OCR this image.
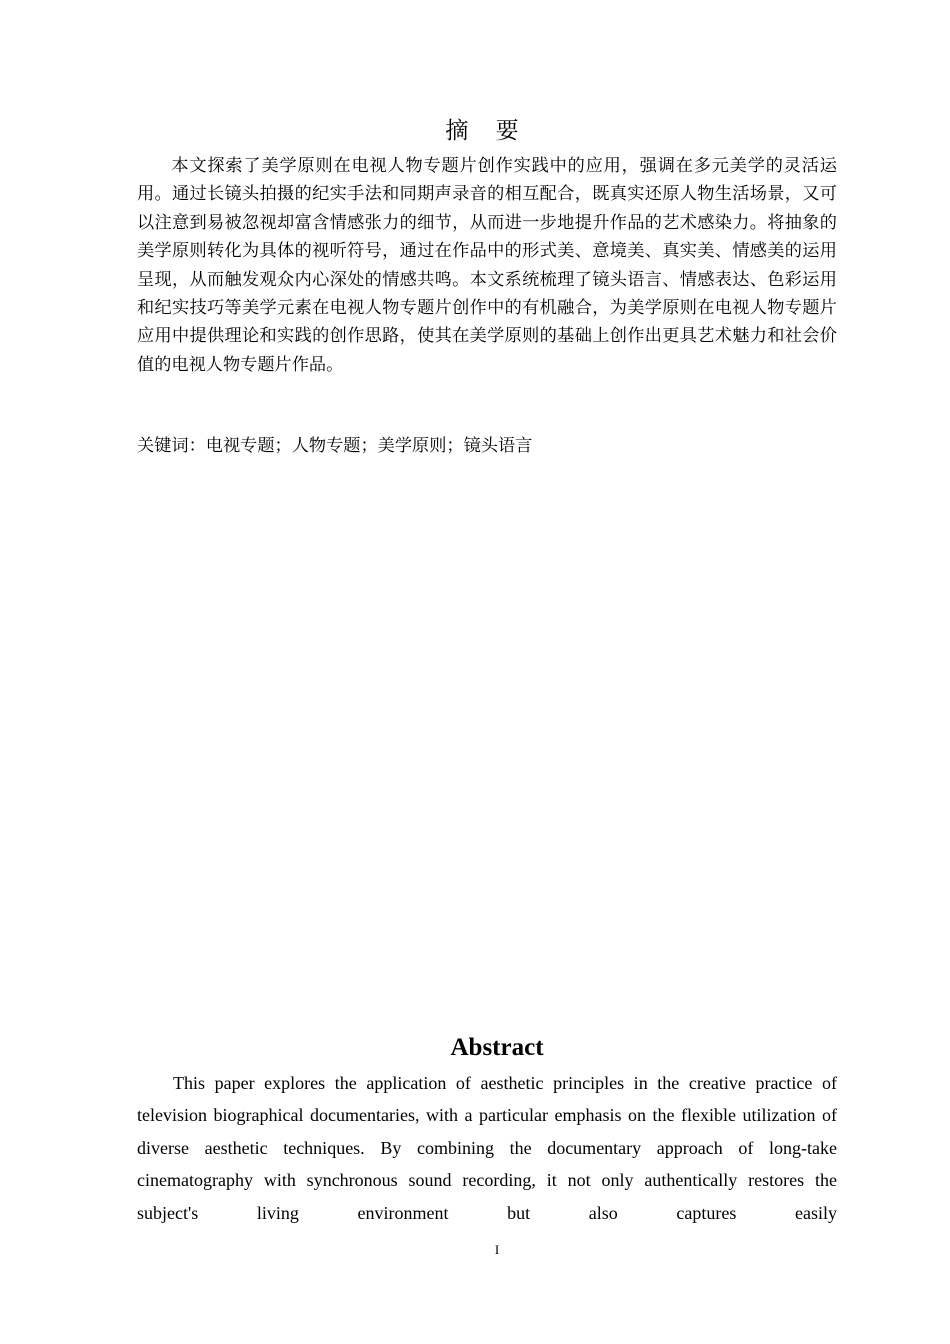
摘 要

本文探索了美学原则在电视人物专题片创作实践中的应用，强调在多元美学的灵活运用。通过长镜头拍摄的纪实手法和同期声录音的相互配合，既真实还原人物生活场景，又可以注意到易被忽视却富含情感张力的细节，从而进一步地提升作品的艺术感染力。将抽象的美学原则转化为具体的视听符号，通过在作品中的形式美、意境美、真实美、情感美的运用呈现，从而触发观众内心深处的情感共鸣。本文系统梳理了镜头语言、情感表达、色彩运用和纪实技巧等美学元素在电视人物专题片创作中的有机融合，为美学原则在电视人物专题片应用中提供理论和实践的创作思路，使其在美学原则的基础上创作出更具艺术魅力和社会价值的电视人物专题片作品。

关键词：电视专题；人物专题；美学原则；镜头语言

Abstract

This paper explores the application of aesthetic principles in the creative practice of television biographical documentaries, with a particular emphasis on the flexible utilization of diverse aesthetic techniques. By combining the documentary approach of long-take cinematography with synchronous sound recording, it not only authentically restores the subject's living environment but also captures easily

I
